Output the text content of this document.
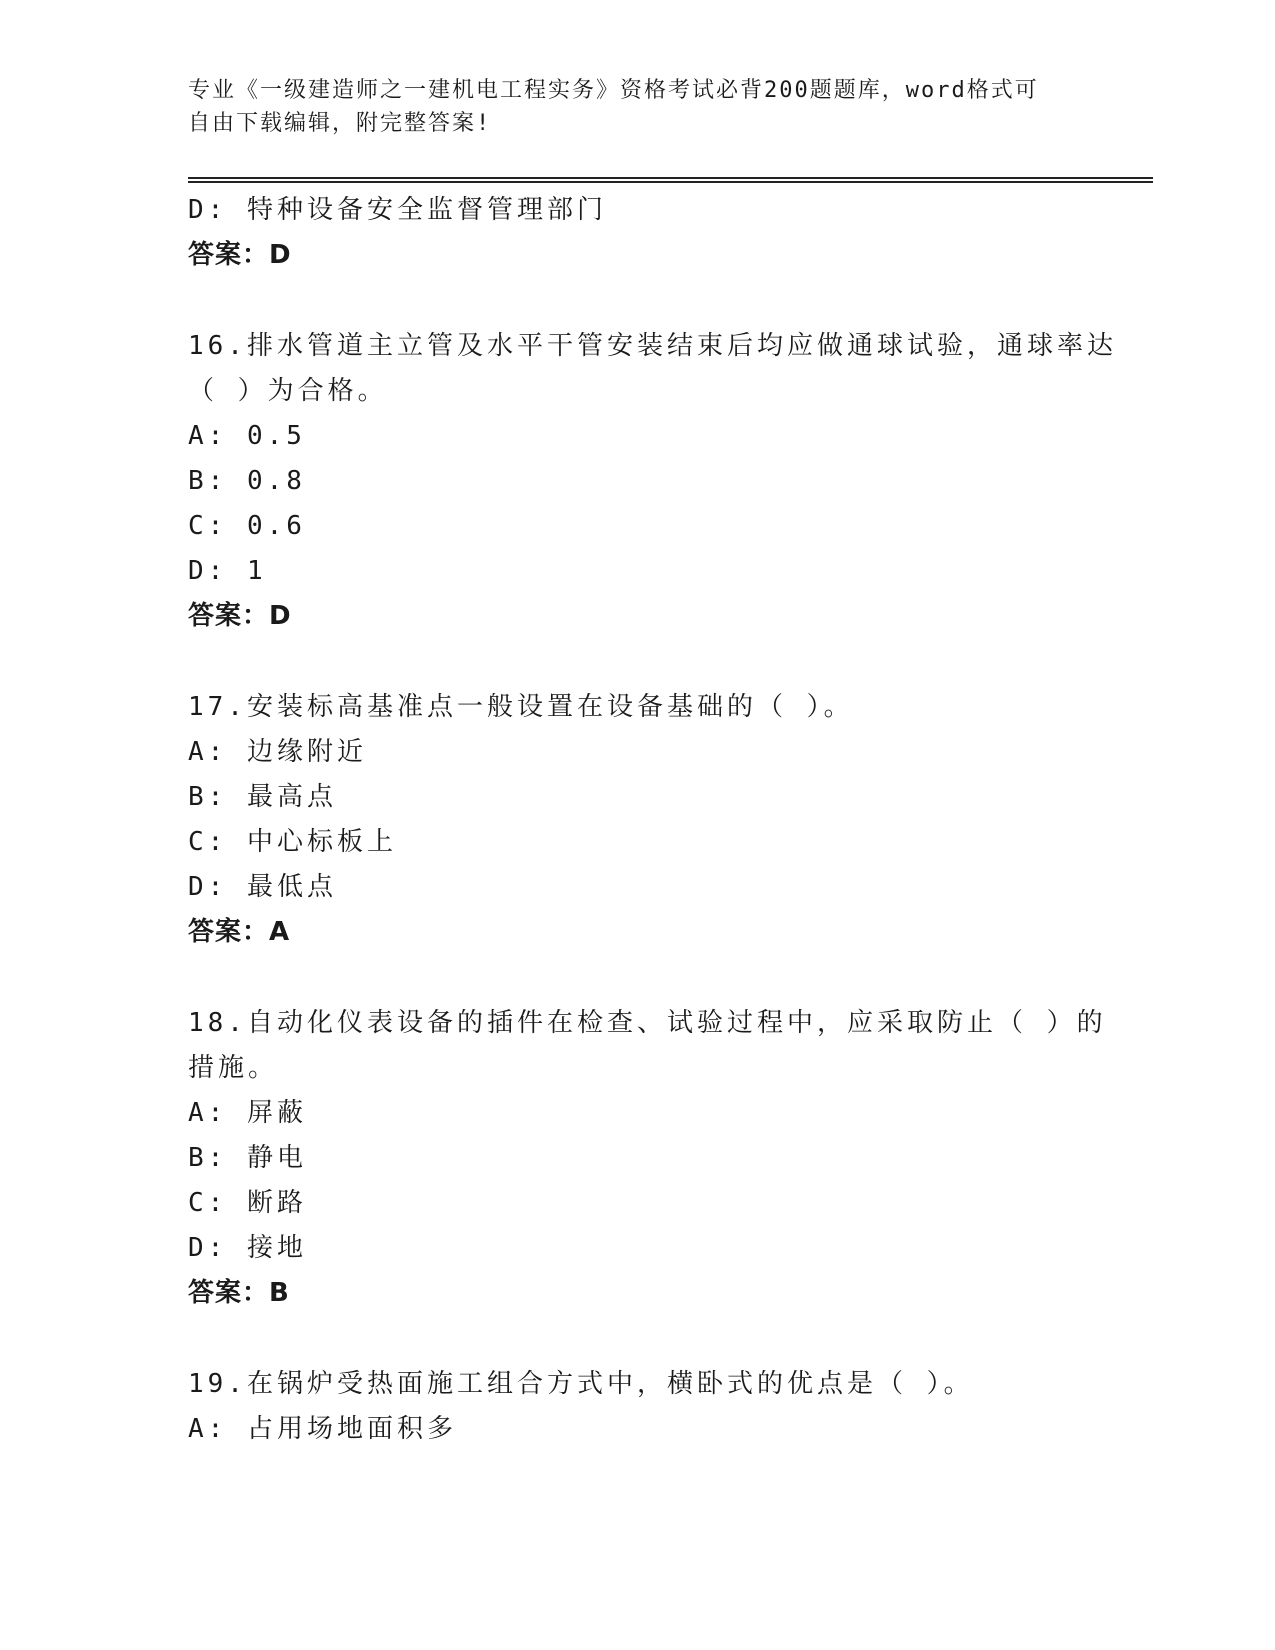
专业《一级建造师之一建机电工程实务》资格考试必背200题题库，word格式可
自由下载编辑，附完整答案!
D: 特种设备安全监督管理部门
答案：D
16.排水管道主立管及水平干管安装结束后均应做通球试验，通球率达
（ ）为合格。
A: 0.5
B: 0.8
C: 0.6
D: 1
答案：D
17.安装标高基准点一般设置在设备基础的（ ）。
A: 边缘附近
B: 最高点
C: 中心标板上
D: 最低点
答案：A
18.自动化仪表设备的插件在检查、试验过程中，应采取防止（ ）的
措施。
A: 屏蔽
B: 静电
C: 断路
D: 接地
答案：B
19.在锅炉受热面施工组合方式中，横卧式的优点是（ ）。
A: 占用场地面积多
